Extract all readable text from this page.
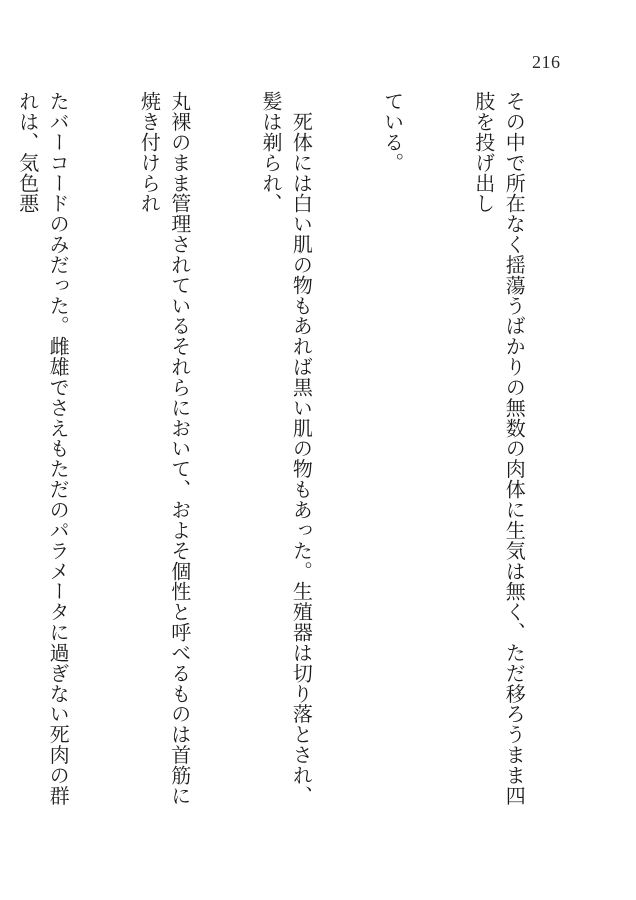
216

その中で所在なく揺蕩うばかりの無数の肉体に生気は無く、ただ移ろうまま四肢を投げ出し

ている。

　死体には白い肌の物もあれば黒い肌の物もあった。生殖器は切り落とされ、髪は剃られ、

丸裸のまま管理されているそれらにおいて、およそ個性と呼べるものは首筋に焼き付けられ

たバーコードのみだった。雌雄でさえもただのパラメータに過ぎない死肉の群れは、気色悪
